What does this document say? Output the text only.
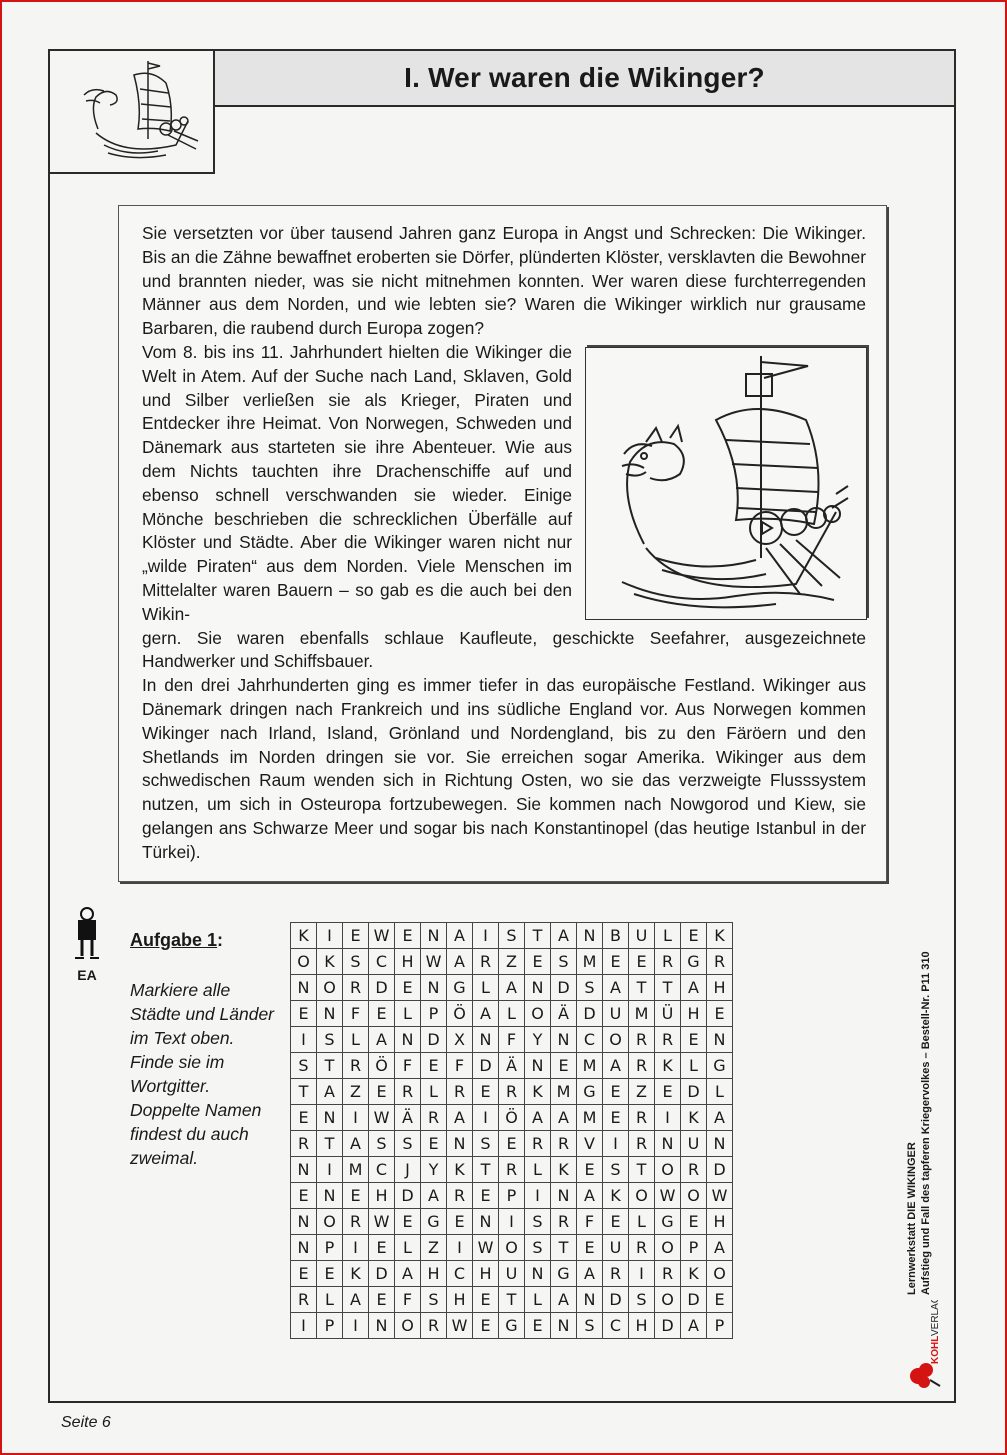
I. Wer waren die Wikinger?

Sie versetzten vor über tausend Jahren ganz Europa in Angst und Schrecken: Die Wikinger. Bis an die Zähne bewaffnet eroberten sie Dörfer, plünderten Klöster, versklavten die Bewohner und brannten nieder, was sie nicht mitnehmen konnten. Wer waren diese furchterregenden Männer aus dem Norden, und wie lebten sie? Waren die Wikinger wirklich nur grausame Barbaren, die raubend durch Europa zogen?

Vom 8. bis ins 11. Jahrhundert hielten die Wikinger die Welt in Atem. Auf der Suche nach Land, Sklaven, Gold und Silber verließen sie als Krieger, Piraten und Entdecker ihre Heimat. Von Norwegen, Schweden und Dänemark aus starteten sie ihre Abenteuer. Wie aus dem Nichts tauchten ihre Drachenschiffe auf und ebenso schnell verschwanden sie wieder. Einige Mönche beschrieben die schrecklichen Überfälle auf Klöster und Städte. Aber die Wikinger waren nicht nur „wilde Piraten“ aus dem Norden. Viele Menschen im Mittelalter waren Bauern – so gab es die auch bei den Wikin-

gern. Sie waren ebenfalls schlaue Kaufleute, geschickte Seefahrer, ausgezeichnete Handwerker und Schiffsbauer.

In den drei Jahrhunderten ging es immer tiefer in das europäische Festland. Wikinger aus Dänemark dringen nach Frankreich und ins südliche England vor. Aus Norwegen kommen Wikinger nach Irland, Island, Grönland und Nordengland, bis zu den Färöern und den Shetlands im Norden dringen sie vor. Sie erreichen sogar Amerika. Wikinger aus dem schwedischen Raum wenden sich in Richtung Osten, wo sie das verzweigte Flusssystem nutzen, um sich in Osteuropa fortzubewegen. Sie kommen nach Nowgorod und Kiew, sie gelangen ans Schwarze Meer und sogar bis nach Konstantinopel (das heutige Istanbul in der Türkei).

EA
Aufgabe 1:
Markiere alle Städte und Länder im Text oben. Finde sie im Wortgitter. Doppelte Namen findest du auch zweimal.
K	I	E	W	E	N	A	I	S	T	A	N	B	U	L	E	K
O	K	S	C	H	W	A	R	Z	E	S	M	E	E	R	G	R
N	O	R	D	E	N	G	L	A	N	D	S	A	T	T	A	H
E	N	F	E	L	P	Ö	A	L	O	Ä	D	U	M	Ü	H	E
I	S	L	A	N	D	X	N	F	Y	N	C	O	R	R	E	N
S	T	R	Ö	F	E	F	D	Ä	N	E	M	A	R	K	L	G
T	A	Z	E	R	L	R	E	R	K	M	G	E	Z	E	D	L
E	N	I	W	Ä	R	A	I	Ö	A	A	M	E	R	I	K	A
R	T	A	S	S	E	N	S	E	R	R	V	I	R	N	U	N
N	I	M	C	J	Y	K	T	R	L	K	E	S	T	O	R	D
E	N	E	H	D	A	R	E	P	I	N	A	K	O	W	O	W
N	O	R	W	E	G	E	N	I	S	R	F	E	L	G	E	H
N	P	I	E	L	Z	I	W	O	S	T	E	U	R	O	P	A
E	E	K	D	A	H	C	H	U	N	G	A	R	I	R	K	O
R	L	A	E	F	S	H	E	T	L	A	N	D	S	O	D	E
I	P	I	N	O	R	W	E	G	E	N	S	C	H	D	A	P
Lernwerkstatt DIE WIKINGER Aufstieg und Fall des tapferen Kriegervolkes – Bestell-Nr. P11 310
KOHL
VERLAG
Seite 6
